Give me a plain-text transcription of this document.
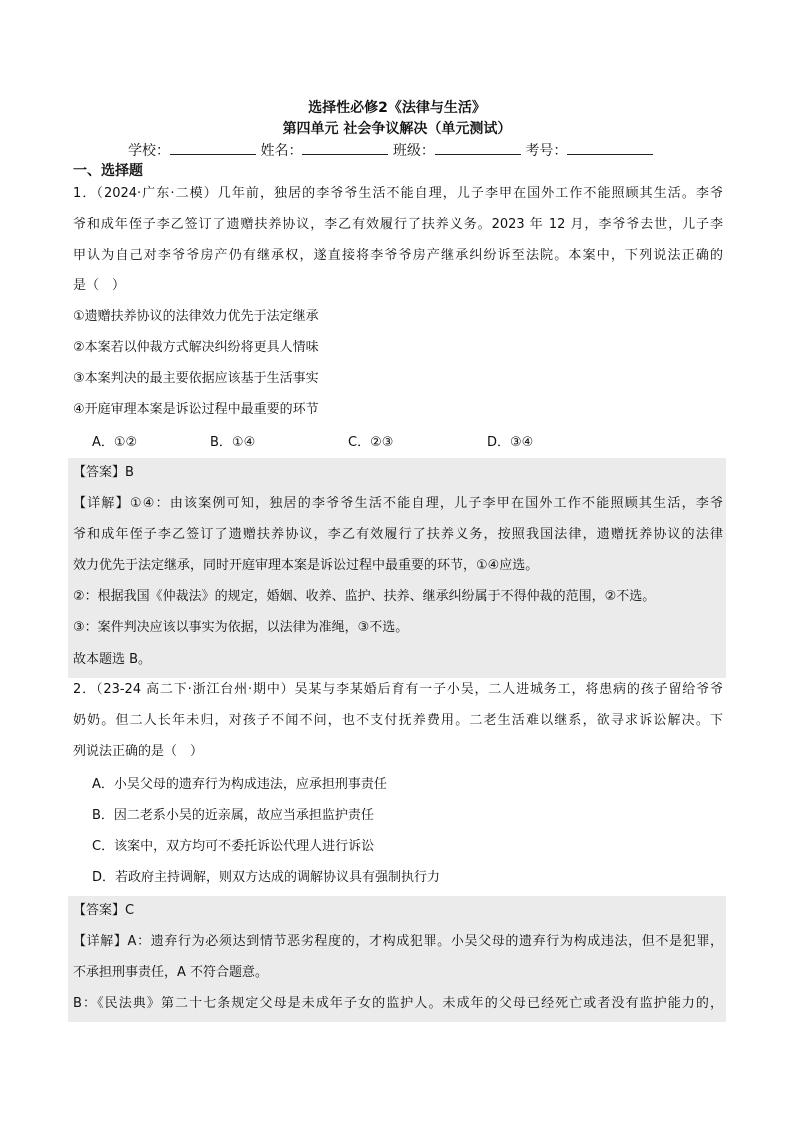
选择性必修2《法律与生活》
第四单元 社会争议解决（单元测试）
学校：	姓名：	班级：	考号：
一、选择题
1．（2024·广东·二模）几年前，独居的李爷爷生活不能自理，儿子李甲在国外工作不能照顾其生活。李爷
爷和成年侄子李乙签订了遗赠扶养协议，李乙有效履行了扶养义务。2023 年 12 月，李爷爷去世，儿子李
甲认为自己对李爷爷房产仍有继承权，遂直接将李爷爷房产继承纠纷诉至法院。本案中，下列说法正确的
是（　）
①遗赠扶养协议的法律效力优先于法定继承
②本案若以仲裁方式解决纠纷将更具人情味
③本案判决的最主要依据应该基于生活事实
④开庭审理本案是诉讼过程中最重要的环节
A．①②	B．①④	C．②③	D．③④
【答案】B
【详解】①④：由该案例可知，独居的李爷爷生活不能自理，儿子李甲在国外工作不能照顾其生活，李爷
爷和成年侄子李乙签订了遗赠扶养协议，李乙有效履行了扶养义务，按照我国法律，遗赠抚养协议的法律
效力优先于法定继承，同时开庭审理本案是诉讼过程中最重要的环节，①④应选。
②：根据我国《仲裁法》的规定，婚姻、收养、监护、扶养、继承纠纷属于不得仲裁的范围，②不选。
③：案件判决应该以事实为依据，以法律为准绳，③不选。
故本题选 B。
2．（23-24 高二下·浙江台州·期中）吴某与李某婚后育有一子小吴，二人进城务工，将患病的孩子留给爷爷
奶奶。但二人长年未归，对孩子不闻不问，也不支付抚养费用。二老生活难以继系，欲寻求诉讼解决。下
列说法正确的是（　）
A．小吴父母的遗弃行为构成违法，应承担刑事责任
B．因二老系小吴的近亲属，故应当承担监护责任
C．该案中，双方均可不委托诉讼代理人进行诉讼
D．若政府主持调解，则双方达成的调解协议具有强制执行力
【答案】C
【详解】A：遗弃行为必须达到情节恶劣程度的，才构成犯罪。小吴父母的遗弃行为构成违法，但不是犯罪，
不承担刑事责任，A 不符合题意。
B：《民法典》第二十七条规定父母是未成年子女的监护人。未成年的父母已经死亡或者没有监护能力的，
